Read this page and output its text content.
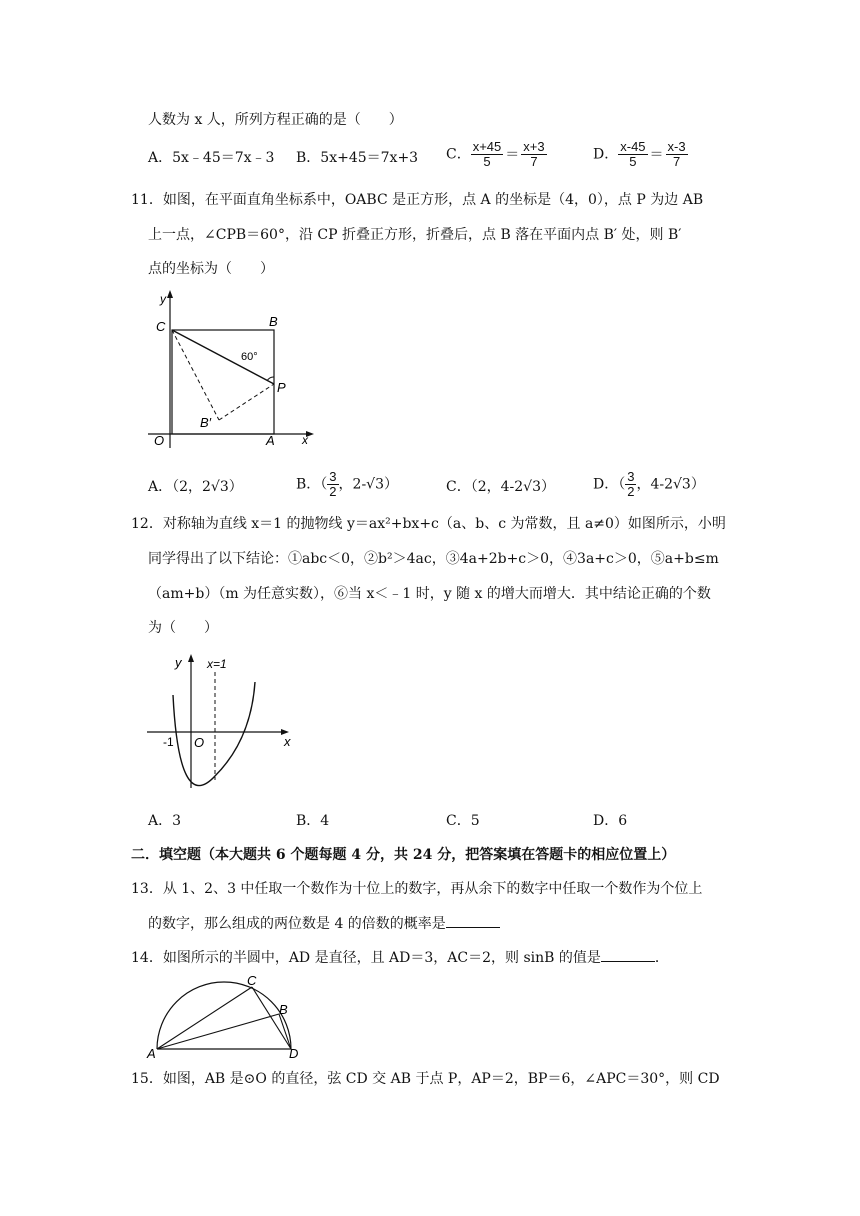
人数为 x 人，所列方程正确的是（　　）
A．5x﹣45＝7x﹣3 B．5x+45＝7x+3 C． $\frac{x+45}{5} = \frac{x+3}{7}$	D． $\frac{x-45}{5} = \frac{x-3}{7}$
11．如图，在平面直角坐标系中，OABC 是正方形，点 A 的坐标是（4，0），点 P 为边 AB
上一点，∠CPB＝60°，沿 CP 折叠正方形，折叠后，点 B 落在平面内点 B′ 处，则 B′
点的坐标为（　　）
y
C	B
60°
P
B′
O	A x
A．（2，2√3）	B．（ $\frac{3}{2}$ ，2-√3）	C．（2，4-2√3）	D．（ $\frac{3}{2}$ ，4-2√3）
12．对称轴为直线 x＝1 的抛物线 y＝ax²+bx+c（a、b、c 为常数，且 a≠0）如图所示，小明
同学得出了以下结论：①abc＜0，②b²＞4ac，③4a+2b+c＞0，④3a+c＞0，⑤a+b≤m
（am+b）（m 为任意实数），⑥当 x＜﹣1 时，y 随 x 的增大而增大．其中结论正确的个数
为（　　）
y x=1
-1 O	x
A．3	B．4	C．5	D．6
二．填空题（本大题共 6 个题每题 4 分，共 24 分，把答案填在答题卡的相应位置上）
13．从 1、2、3 中任取一个数作为十位上的数字，再从余下的数字中任取一个数作为个位上
的数字，那么组成的两位数是 4 的倍数的概率是
14．如图所示的半圆中，AD 是直径，且 AD＝3，AC＝2，则 sinB 的值是	．
A
C
B
D
15．如图，AB 是⊙O 的直径，弦 CD 交 AB 于点 P，AP＝2，BP＝6，∠APC＝30°，则 CD
